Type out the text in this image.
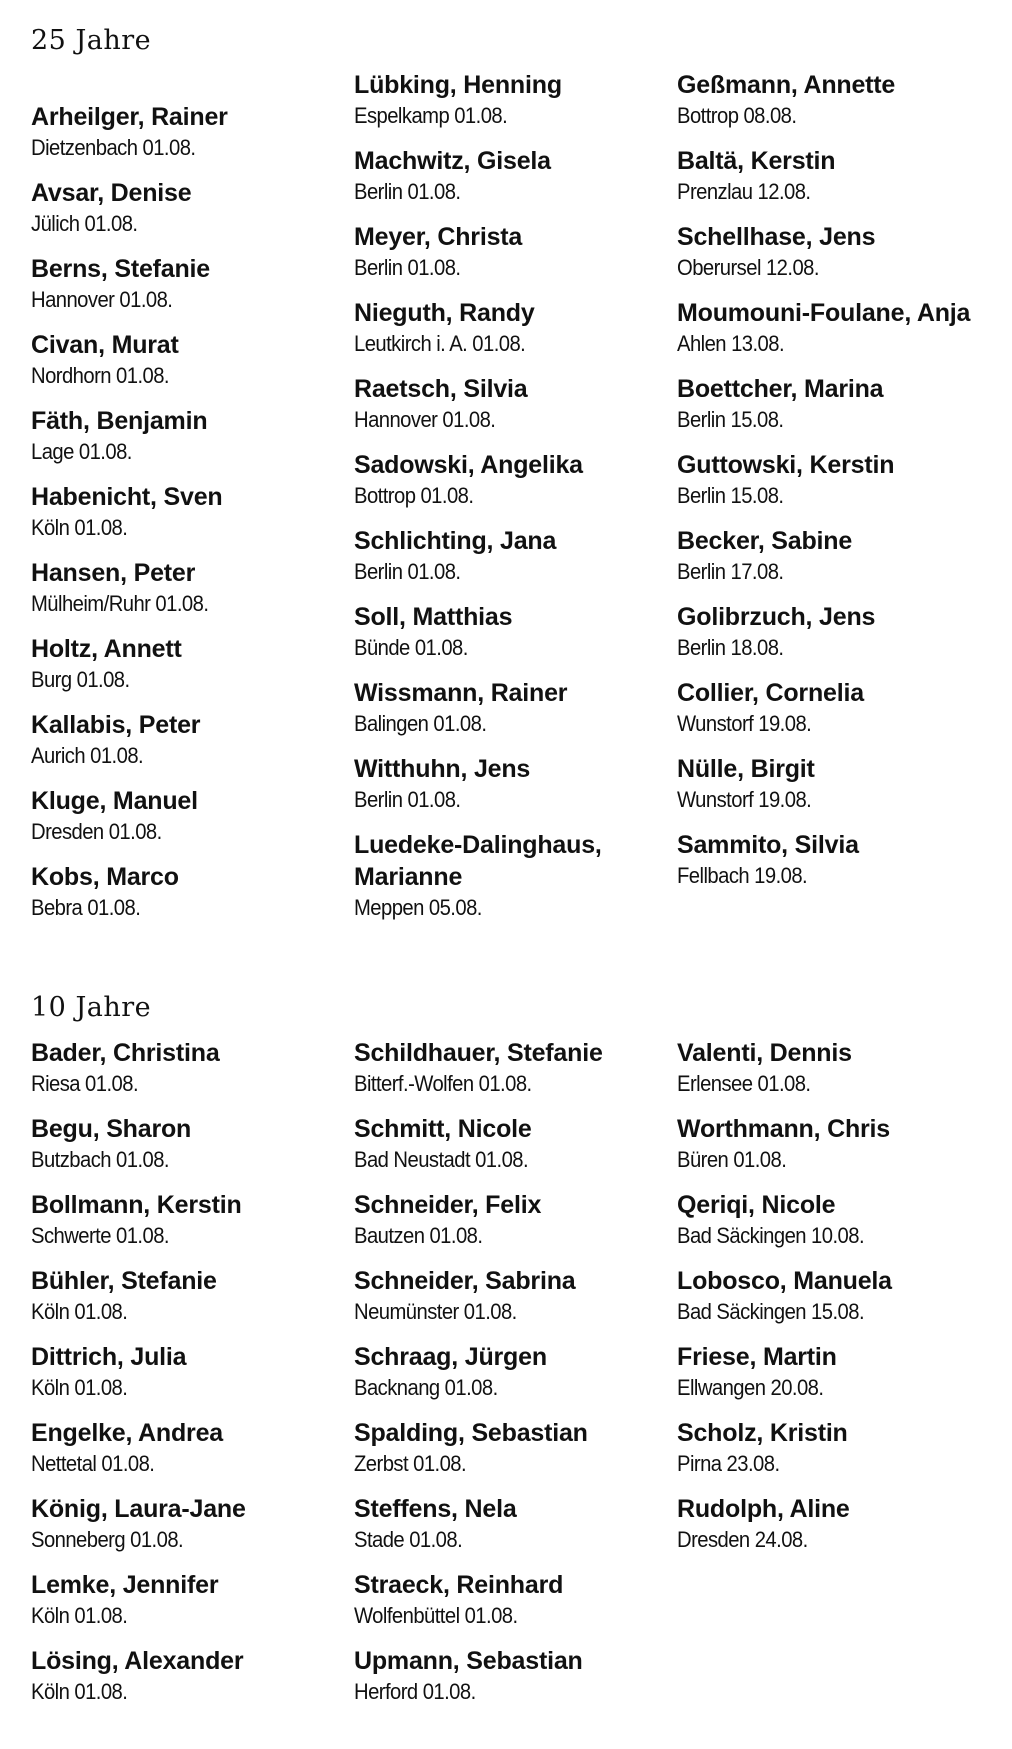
25 Jahre
10 Jahre
Arheilger, Rainer
Dietzenbach 01.08.
Avsar, Denise
Jülich 01.08.
Berns, Stefanie
Hannover 01.08.
Civan, Murat
Nordhorn 01.08.
Fäth, Benjamin
Lage 01.08.
Habenicht, Sven
Köln 01.08.
Hansen, Peter
Mülheim/Ruhr 01.08.
Holtz, Annett
Burg 01.08.
Kallabis, Peter
Aurich 01.08.
Kluge, Manuel
Dresden 01.08.
Kobs, Marco
Bebra 01.08.
Lübking, Henning
Espelkamp 01.08.
Machwitz, Gisela
Berlin 01.08.
Meyer, Christa
Berlin 01.08.
Nieguth, Randy
Leutkirch i. A. 01.08.
Raetsch, Silvia
Hannover 01.08.
Sadowski, Angelika
Bottrop 01.08.
Schlichting, Jana
Berlin 01.08.
Soll, Matthias
Bünde 01.08.
Wissmann, Rainer
Balingen 01.08.
Witthuhn, Jens
Berlin 01.08.
Luedeke-Dalinghaus,
Marianne
Meppen 05.08.
Geßmann, Annette
Bottrop 08.08.
Baltä, Kerstin
Prenzlau 12.08.
Schellhase, Jens
Oberursel 12.08.
Moumouni-Foulane, Anja
Ahlen 13.08.
Boettcher, Marina
Berlin 15.08.
Guttowski, Kerstin
Berlin 15.08.
Becker, Sabine
Berlin 17.08.
Golibrzuch, Jens
Berlin 18.08.
Collier, Cornelia
Wunstorf 19.08.
Nülle, Birgit
Wunstorf 19.08.
Sammito, Silvia
Fellbach 19.08.
Bader, Christina
Riesa 01.08.
Begu, Sharon
Butzbach 01.08.
Bollmann, Kerstin
Schwerte 01.08.
Bühler, Stefanie
Köln 01.08.
Dittrich, Julia
Köln 01.08.
Engelke, Andrea
Nettetal 01.08.
König, Laura-Jane
Sonneberg 01.08.
Lemke, Jennifer
Köln 01.08.
Lösing, Alexander
Köln 01.08.
Schildhauer, Stefanie
Bitterf.-Wolfen 01.08.
Schmitt, Nicole
Bad Neustadt 01.08.
Schneider, Felix
Bautzen 01.08.
Schneider, Sabrina
Neumünster 01.08.
Schraag, Jürgen
Backnang 01.08.
Spalding, Sebastian
Zerbst 01.08.
Steffens, Nela
Stade 01.08.
Straeck, Reinhard
Wolfenbüttel 01.08.
Upmann, Sebastian
Herford 01.08.
Valenti, Dennis
Erlensee 01.08.
Worthmann, Chris
Büren 01.08.
Qeriqi, Nicole
Bad Säckingen 10.08.
Lobosco, Manuela
Bad Säckingen 15.08.
Friese, Martin
Ellwangen 20.08.
Scholz, Kristin
Pirna 23.08.
Rudolph, Aline
Dresden 24.08.
